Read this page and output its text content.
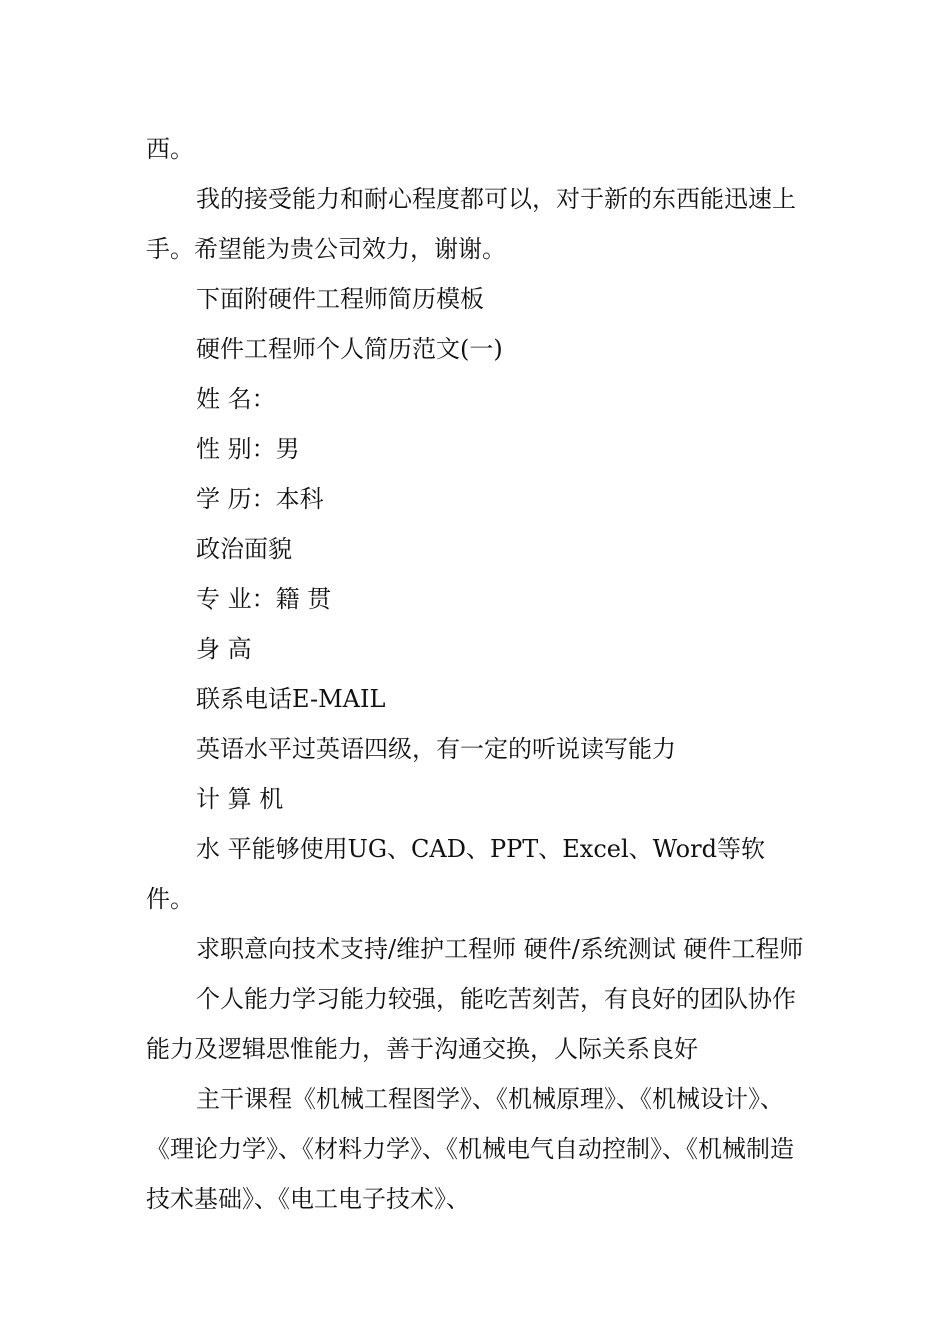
西。

我的接受能力和耐心程度都可以，对于新的东西能迅速上手。希望能为贵公司效力，谢谢。

下面附硬件工程师简历模板

硬件工程师个人简历范文(一)

姓 名：

性 别：男

学 历：本科

政治面貌

专 业：籍 贯

身 高

联系电话E-MAIL

英语水平过英语四级，有一定的听说读写能力

计 算 机

水 平能够使用UG、CAD、PPT、Excel、Word等软件。

求职意向技术支持/维护工程师 硬件/系统测试 硬件工程师

个人能力学习能力较强，能吃苦刻苦，有良好的团队协作能力及逻辑思惟能力，善于沟通交换，人际关系良好

主干课程《机械工程图学》、《机械原理》、《机械设计》、《理论力学》、《材料力学》、《机械电气自动控制》、《机械制造技术基础》、《电工电子技术》、
